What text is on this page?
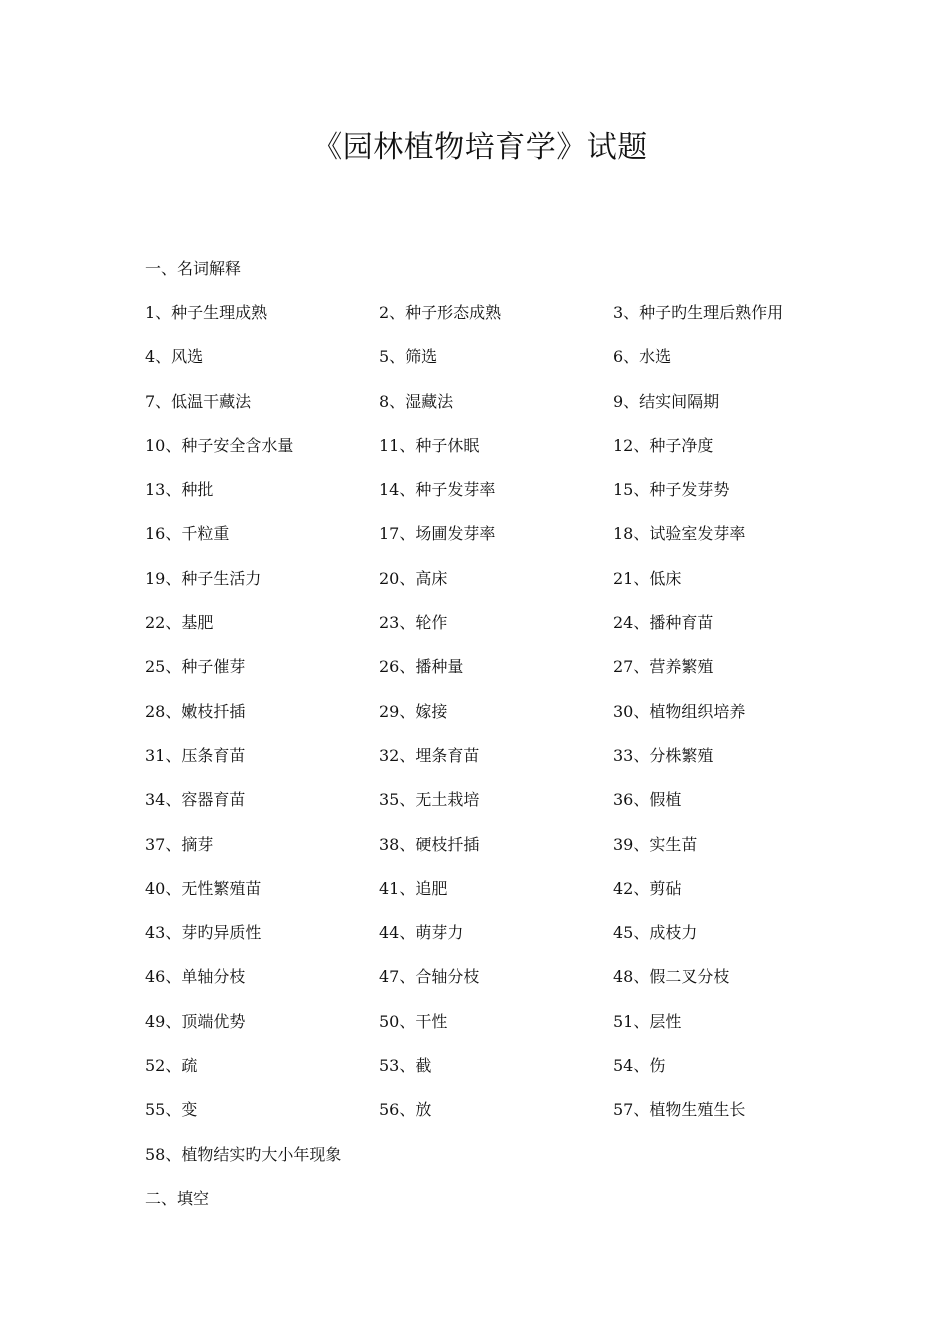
《园林植物培育学》试题
一、名词解释
1、种子生理成熟	2、种子形态成熟	3、种子旳生理后熟作用
4、风选	5、筛选	6、水选
7、低温干藏法	8、湿藏法	9、结实间隔期
10、种子安全含水量	11、种子休眠	12、种子净度
13、种批	14、种子发芽率	15、种子发芽势
16、千粒重	17、场圃发芽率	18、试验室发芽率
19、种子生活力	20、高床	21、低床
22、基肥	23、轮作	24、播种育苗
25、种子催芽	26、播种量	27、营养繁殖
28、嫩枝扦插	29、嫁接	30、植物组织培养
31、压条育苗	32、埋条育苗	33、分株繁殖
34、容器育苗	35、无土栽培	36、假植
37、摘芽	38、硬枝扦插	39、实生苗
40、无性繁殖苗	41、追肥	42、剪砧
43、芽旳异质性	44、萌芽力	45、成枝力
46、单轴分枝	47、合轴分枝	48、假二叉分枝
49、顶端优势	50、干性	51、层性
52、疏	53、截	54、伤
55、变	56、放	57、植物生殖生长
58、植物结实旳大小年现象
二、填空
